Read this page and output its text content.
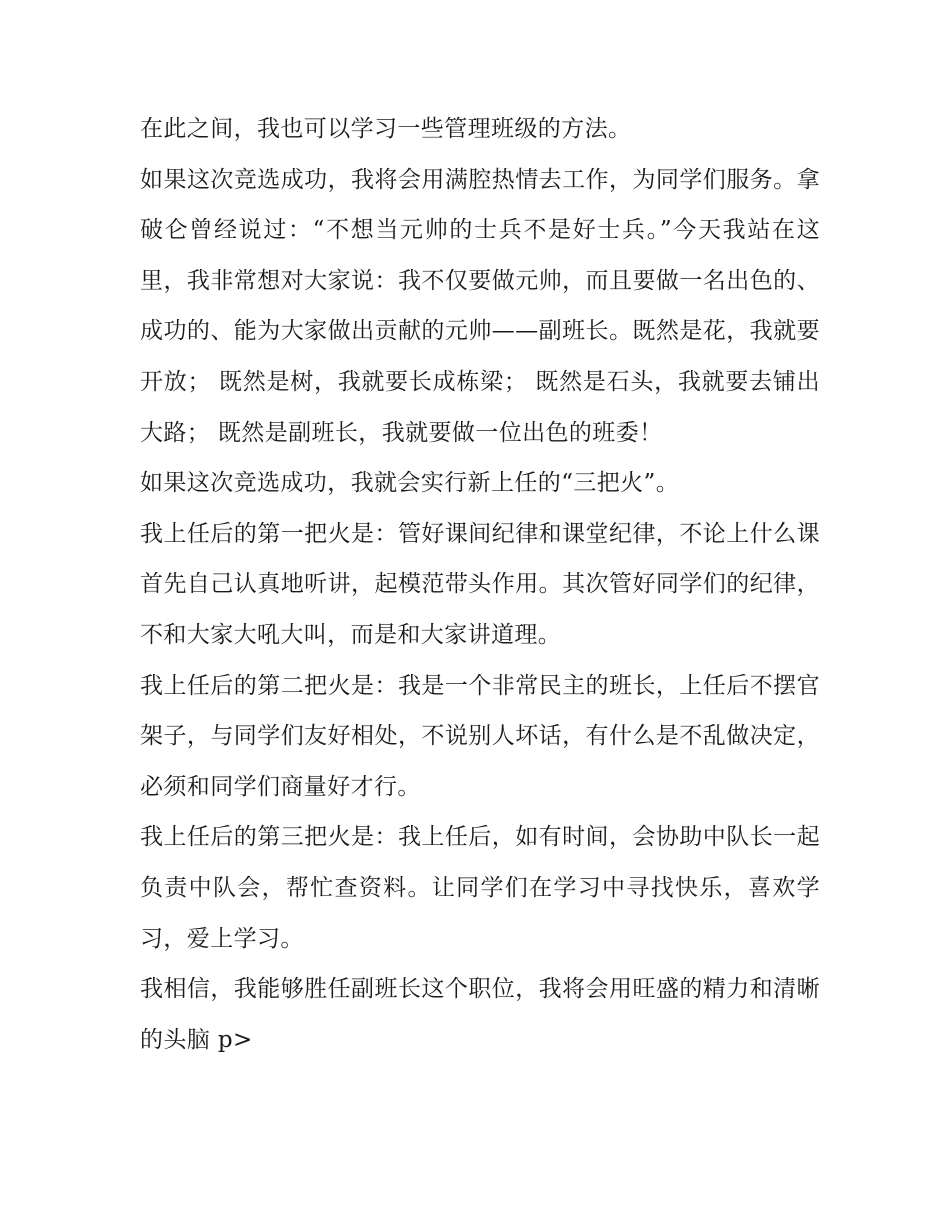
在此之间，我也可以学习一些管理班级的方法。

如果这次竞选成功，我将会用满腔热情去工作，为同学们服务。拿破仑曾经说过：“不想当元帅的士兵不是好士兵。”今天我站在这里，我非常想对大家说：我不仅要做元帅，而且要做一名出色的、成功的、能为大家做出贡献的元帅——副班长。既然是花，我就要开放； 既然是树，我就要长成栋梁； 既然是石头，我就要去铺出大路； 既然是副班长，我就要做一位出色的班委！

如果这次竞选成功，我就会实行新上任的“三把火”。

我上任后的第一把火是：管好课间纪律和课堂纪律，不论上什么课首先自己认真地听讲，起模范带头作用。其次管好同学们的纪律，不和大家大吼大叫，而是和大家讲道理。

我上任后的第二把火是：我是一个非常民主的班长，上任后不摆官架子，与同学们友好相处，不说别人坏话，有什么是不乱做决定，必须和同学们商量好才行。

我上任后的第三把火是：我上任后，如有时间，会协助中队长一起负责中队会，帮忙查资料。让同学们在学习中寻找快乐，喜欢学习，爱上学习。

我相信，我能够胜任副班长这个职位，我将会用旺盛的精力和清晰的头脑 p>
